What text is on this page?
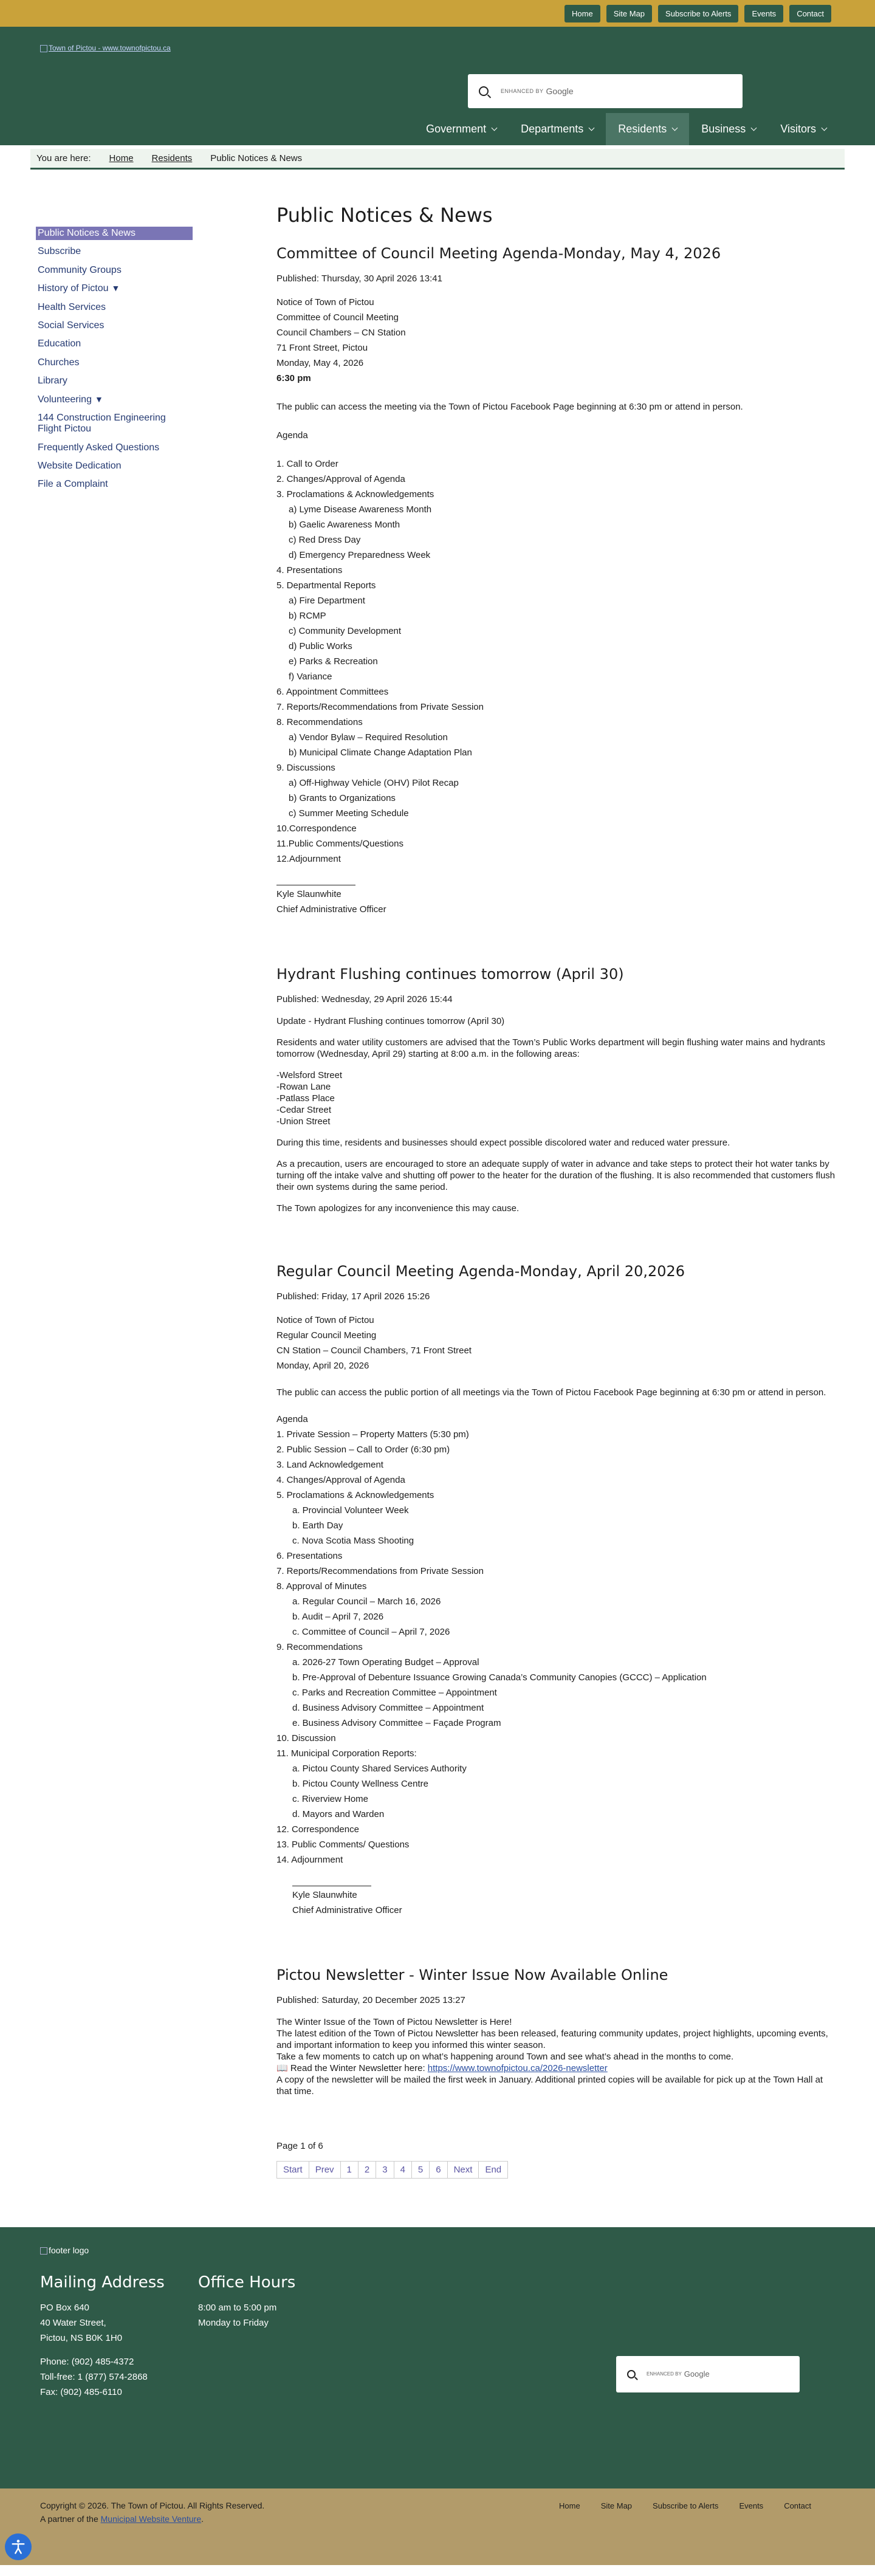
Home	Site Map	Subscribe to Alerts	Events	Contact
Town of Pictou - www.townofpictou.ca
ENHANCED BY Google
Government	Departments	Residents	Business	Visitors
You are here: Home Residents Public Notices & News
Public Notices & News
Subscribe
Community Groups
History of Pictou ▼
Health Services
Social Services
Education
Churches
Library
Volunteering ▼
144 Construction Engineering Flight Pictou
Frequently Asked Questions
Website Dedication
File a Complaint
Public Notices & News
Committee of Council Meeting Agenda-Monday, May 4, 2026
Published: Thursday, 30 April 2026 13:41
Notice of Town of Pictou
Committee of Council Meeting
Council Chambers – CN Station
71 Front Street, Pictou
Monday, May 4, 2026
6:30 pm
The public can access the meeting via the Town of Pictou Facebook Page beginning at 6:30 pm or attend in person.
Agenda
1. Call to Order
2. Changes/Approval of Agenda
3. Proclamations & Acknowledgements
a) Lyme Disease Awareness Month
b) Gaelic Awareness Month
c) Red Dress Day
d) Emergency Preparedness Week
4. Presentations
5. Departmental Reports
a) Fire Department
b) RCMP
c) Community Development
d) Public Works
e) Parks & Recreation
f) Variance
6. Appointment Committees
7. Reports/Recommendations from Private Session
8. Recommendations
a) Vendor Bylaw – Required Resolution
b) Municipal Climate Change Adaptation Plan
9. Discussions
a) Off-Highway Vehicle (OHV) Pilot Recap
b) Grants to Organizations
c) Summer Meeting Schedule
10.Correspondence
11.Public Comments/Questions
12.Adjournment
Kyle Slaunwhite
Chief Administrative Officer
Hydrant Flushing continues tomorrow (April 30)
Published: Wednesday, 29 April 2026 15:44
Update - Hydrant Flushing continues tomorrow (April 30)
Residents and water utility customers are advised that the Town’s Public Works department will begin flushing water mains and hydrants tomorrow (Wednesday, April 29) starting at 8:00 a.m. in the following areas:
-Welsford Street
-Rowan Lane
-Patlass Place
-Cedar Street
-Union Street
During this time, residents and businesses should expect possible discolored water and reduced water pressure.
As a precaution, users are encouraged to store an adequate supply of water in advance and take steps to protect their hot water tanks by turning off the intake valve and shutting off power to the heater for the duration of the flushing. It is also recommended that customers flush their own systems during the same period.
The Town apologizes for any inconvenience this may cause.
Regular Council Meeting Agenda-Monday, April 20,2026
Published: Friday, 17 April 2026 15:26
Notice of Town of Pictou
Regular Council Meeting
CN Station – Council Chambers, 71 Front Street
Monday, April 20, 2026
The public can access the public portion of all meetings via the Town of Pictou Facebook Page beginning at 6:30 pm or attend in person.
Agenda
1. Private Session – Property Matters (5:30 pm)
2. Public Session – Call to Order (6:30 pm)
3. Land Acknowledgement
4. Changes/Approval of Agenda
5. Proclamations & Acknowledgements
a. Provincial Volunteer Week
b. Earth Day
c. Nova Scotia Mass Shooting
6. Presentations
7. Reports/Recommendations from Private Session
8. Approval of Minutes
a. Regular Council – March 16, 2026
b. Audit – April 7, 2026
c. Committee of Council – April 7, 2026
9. Recommendations
a. 2026-27 Town Operating Budget – Approval
b. Pre-Approval of Debenture Issuance Growing Canada’s Community Canopies (GCCC) – Application
c. Parks and Recreation Committee – Appointment
d. Business Advisory Committee – Appointment
e. Business Advisory Committee – Façade Program
10. Discussion
11. Municipal Corporation Reports:
a. Pictou County Shared Services Authority
b. Pictou County Wellness Centre
c. Riverview Home
d. Mayors and Warden
12. Correspondence
13. Public Comments/ Questions
14. Adjournment
Kyle Slaunwhite
Chief Administrative Officer
Pictou Newsletter - Winter Issue Now Available Online
Published: Saturday, 20 December 2025 13:27
The Winter Issue of the Town of Pictou Newsletter is Here!
The latest edition of the Town of Pictou Newsletter has been released, featuring community updates, project highlights, upcoming events, and important information to keep you informed this winter season.
Take a few moments to catch up on what’s happening around Town and see what’s ahead in the months to come.
📖 Read the Winter Newsletter here: https://www.townofpictou.ca/2026-newsletter
A copy of the newsletter will be mailed the first week in January. Additional printed copies will be available for pick up at the Town Hall at that time.
Page 1 of 6
Start	Prev	1	2	3	4	5	6	Next	End
footer logo
Mailing Address
PO Box 640
40 Water Street,
Pictou, NS B0K 1H0
Phone: (902) 485-4372
Toll-free: 1 (877) 574-2868
Fax: (902) 485-6110
Office Hours
8:00 am to 5:00 pm
Monday to Friday
ENHANCED BY Google
Copyright © 2026. The Town of Pictou. All Rights Reserved.
A partner of the Municipal Website Venture.
Home	Site Map	Subscribe to Alerts	Events	Contact
